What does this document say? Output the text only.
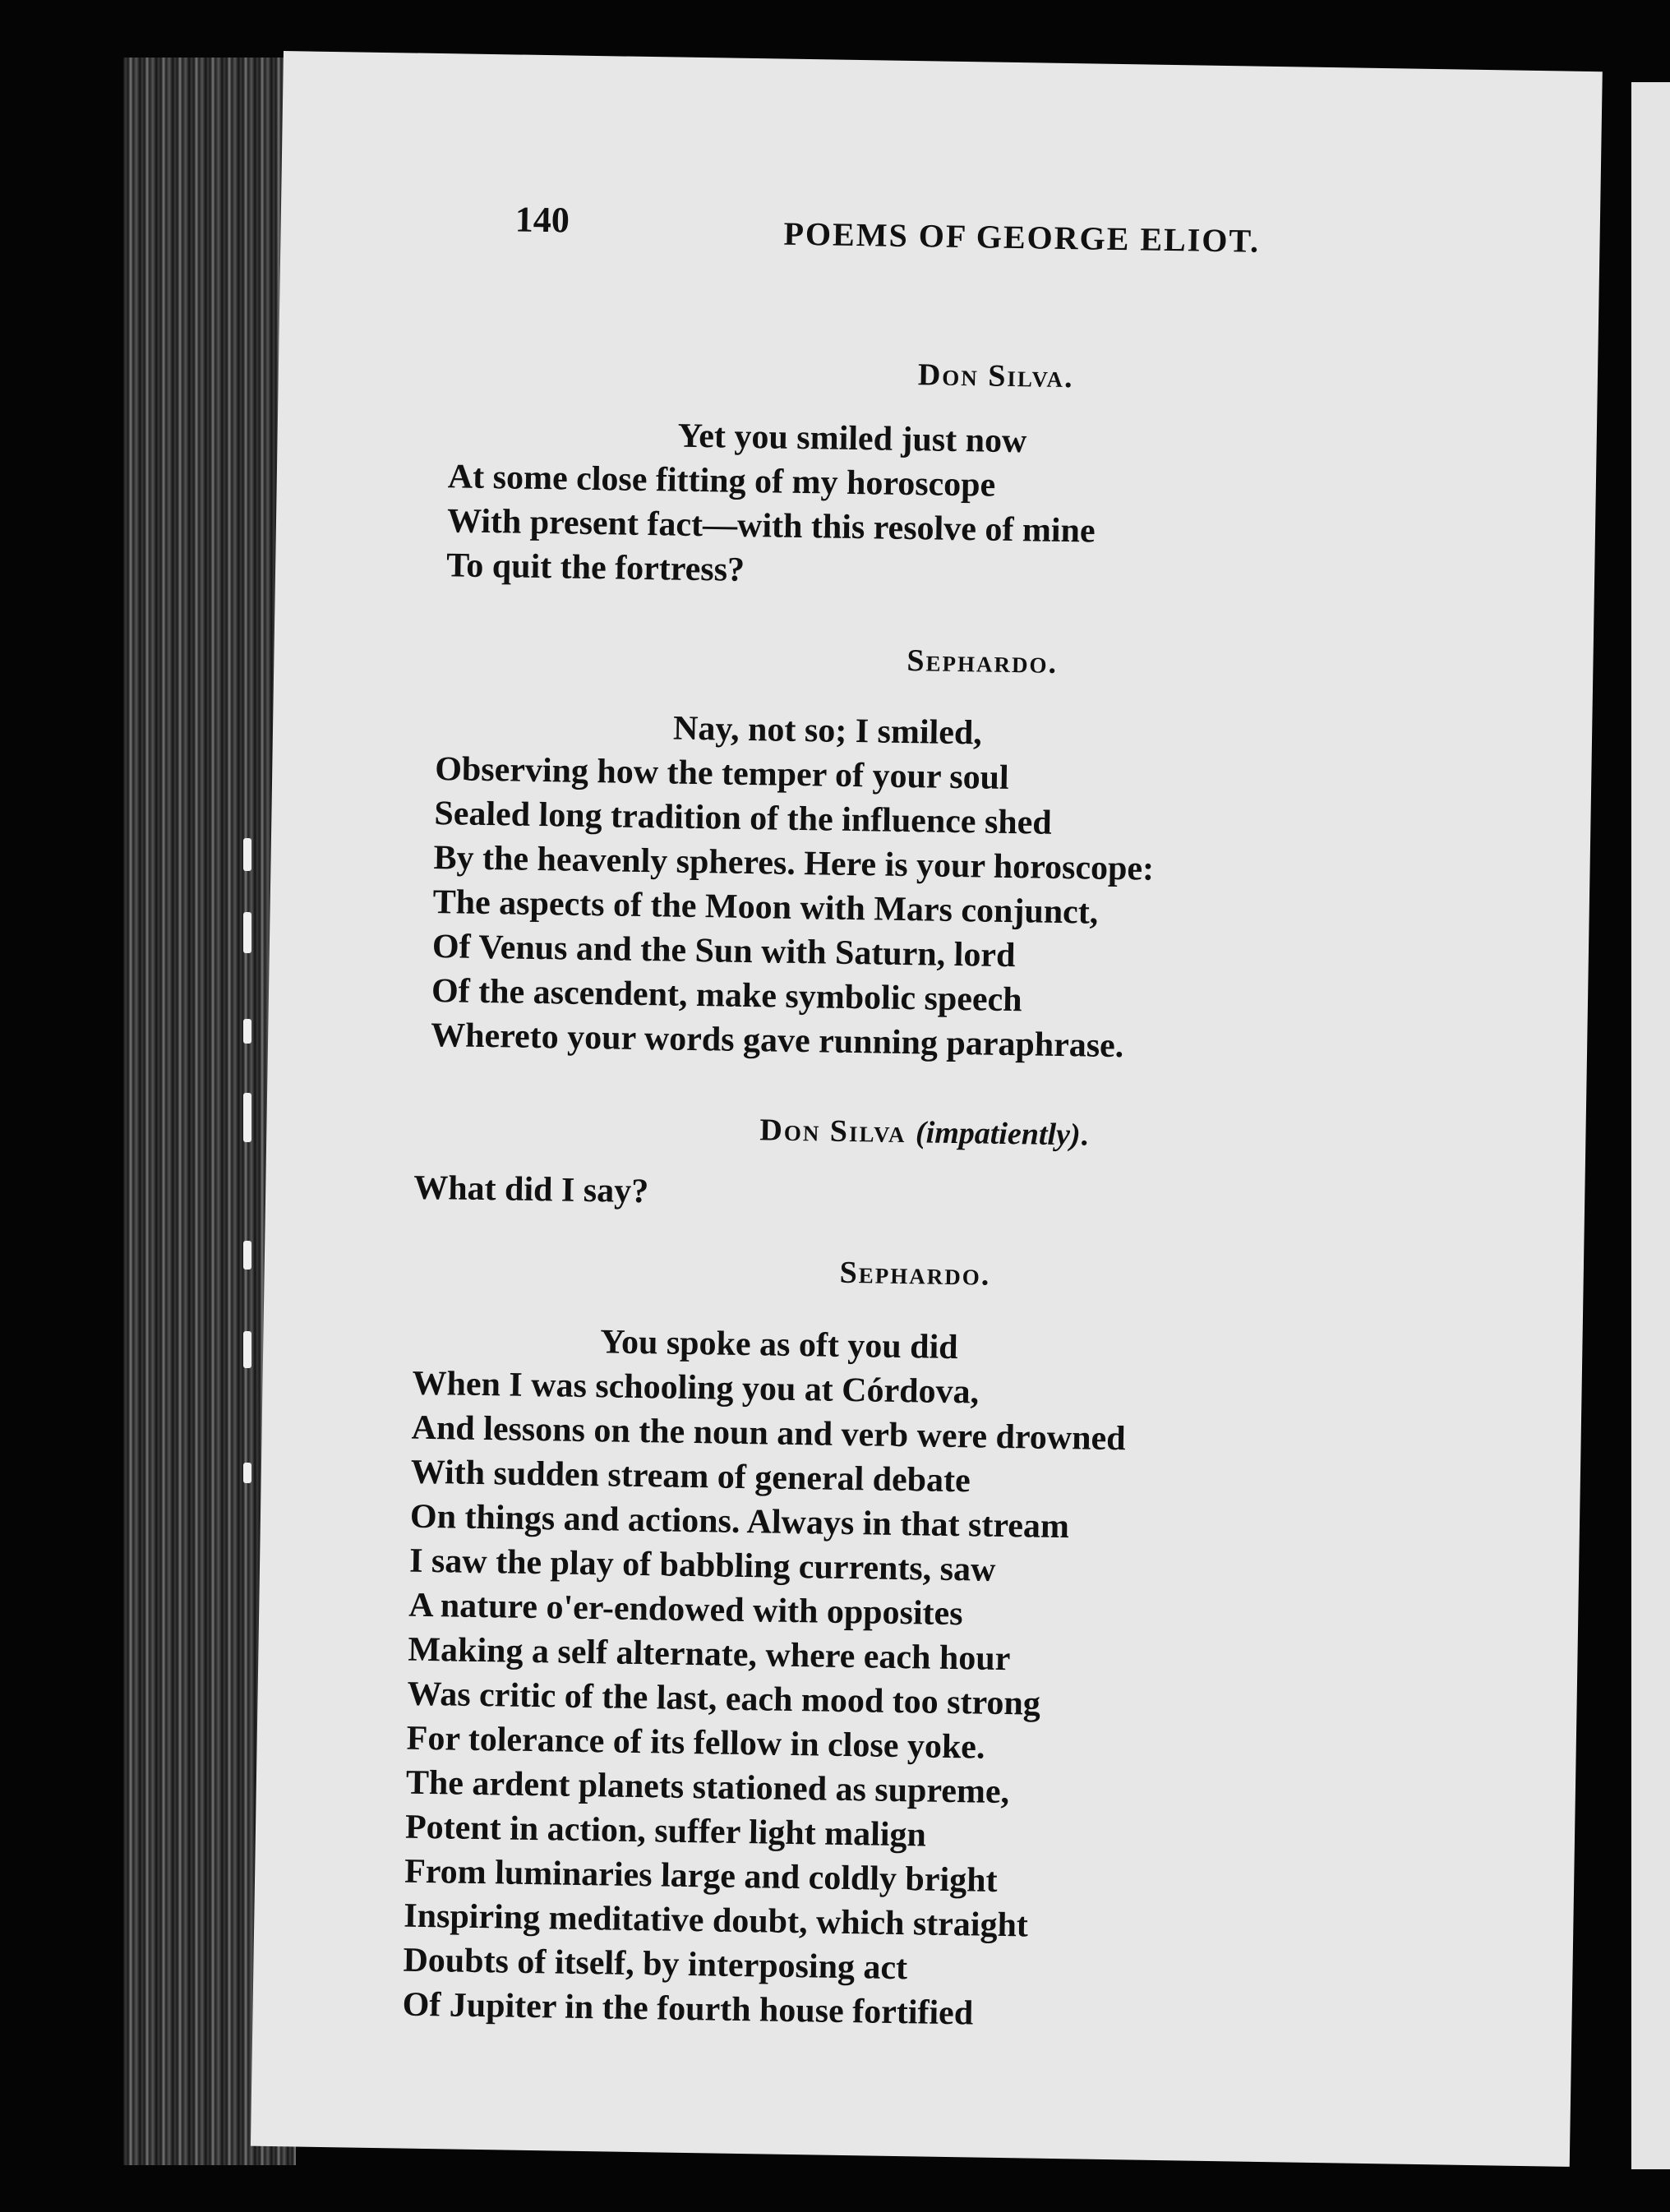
140	POEMS OF GEORGE ELIOT.

Don Silva.

Yet you smiled just now
At some close fitting of my horoscope
With present fact—with this resolve of mine
To quit the fortress?

Sephardo.

Nay, not so; I smiled,
Observing how the temper of your soul
Sealed long tradition of the influence shed
By the heavenly spheres. Here is your horoscope:
The aspects of the Moon with Mars conjunct,
Of Venus and the Sun with Saturn, lord
Of the ascendent, make symbolic speech
Whereto your words gave running paraphrase.

Don Silva (impatiently).

What did I say?

Sephardo.

You spoke as oft you did
When I was schooling you at Córdova,
And lessons on the noun and verb were drowned
With sudden stream of general debate
On things and actions. Always in that stream
I saw the play of babbling currents, saw
A nature o'er-endowed with opposites
Making a self alternate, where each hour
Was critic of the last, each mood too strong
For tolerance of its fellow in close yoke.
The ardent planets stationed as supreme,
Potent in action, suffer light malign
From luminaries large and coldly bright
Inspiring meditative doubt, which straight
Doubts of itself, by interposing act
Of Jupiter in the fourth house fortified
